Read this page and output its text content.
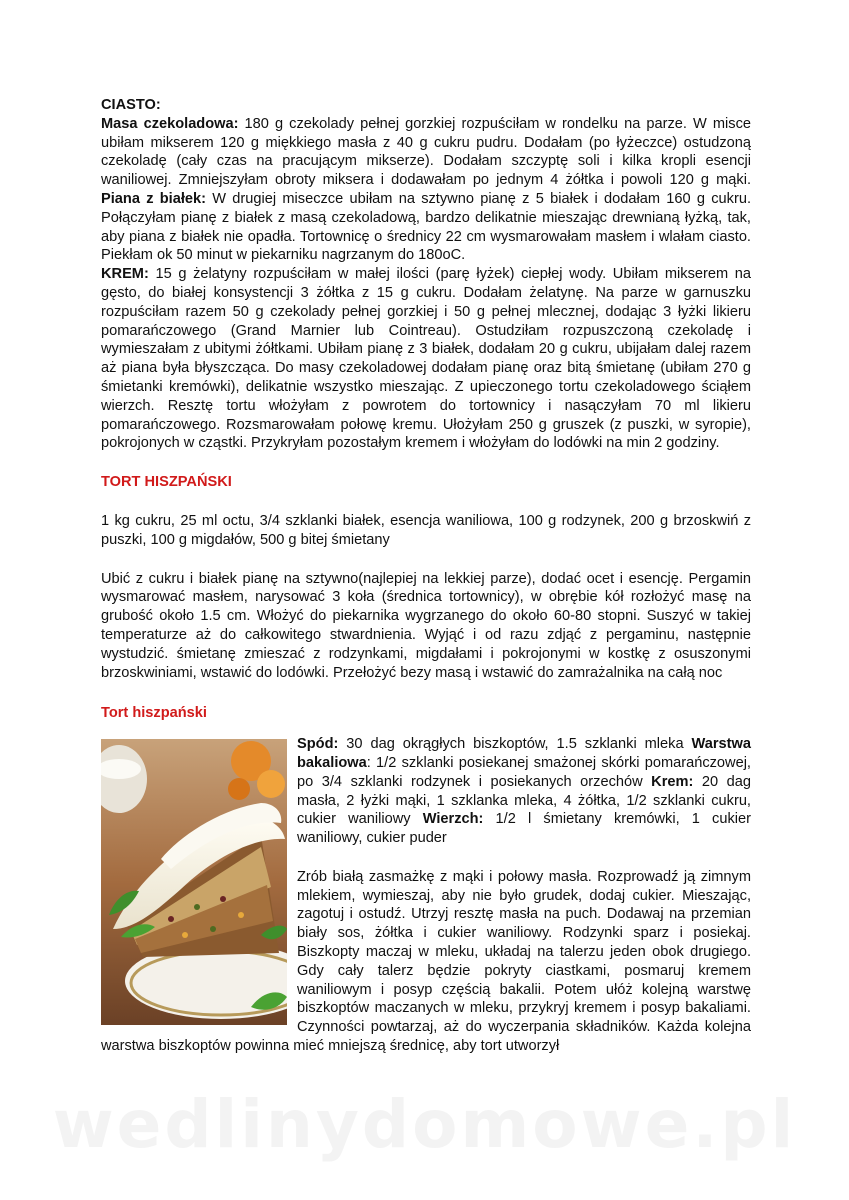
CIASTO:

Masa czekoladowa: 180 g czekolady pełnej gorzkiej rozpuściłam w rondelku na parze. W misce ubiłam mikserem 120 g miękkiego masła z 40 g cukru pudru. Dodałam (po łyżeczce) ostudzoną czekoladę (cały czas na pracującym mikserze). Dodałam szczyptę soli i kilka kropli esencji waniliowej. Zmniejszyłam obroty miksera i dodawałam po jednym 4 żółtka i powoli 120 g mąki. Piana z białek: W drugiej miseczce ubiłam na sztywno pianę z 5 białek i dodałam 160 g cukru. Połączyłam pianę z białek z masą czekoladową, bardzo delikatnie mieszając drewnianą łyżką, tak, aby piana z białek nie opadła. Tortownicę o średnicy 22 cm wysmarowałam masłem i wlałam ciasto. Piekłam ok 50 minut w piekarniku nagrzanym do 180oC.

KREM: 15 g żelatyny rozpuściłam w małej ilości (parę łyżek) ciepłej wody. Ubiłam mikserem na gęsto, do białej konsystencji 3 żółtka z 15 g cukru. Dodałam żelatynę. Na parze w garnuszku rozpuściłam razem 50 g czekolady pełnej gorzkiej i 50 g pełnej mlecznej, dodając 3 łyżki likieru pomarańczowego (Grand Marnier lub Cointreau). Ostudziłam rozpuszczoną czekoladę i wymieszałam z ubitymi żółtkami. Ubiłam pianę z 3 białek, dodałam 20 g cukru, ubijałam dalej razem aż piana była błyszcząca. Do masy czekoladowej dodałam pianę oraz bitą śmietanę (ubiłam 270 g śmietanki kremówki), delikatnie wszystko mieszając. Z upieczonego tortu czekoladowego ściąłem wierzch. Resztę tortu włożyłam z powrotem do tortownicy i nasączyłam 70 ml likieru pomarańczowego. Rozsmarowałam połowę kremu. Ułożyłam 250 g gruszek (z puszki, w syropie), pokrojonych w cząstki. Przykryłam pozostałym kremem i włożyłam do lodówki na min 2 godziny.

TORT HISZPAŃSKI

1 kg cukru, 25 ml octu, 3/4 szklanki białek, esencja waniliowa, 100 g rodzynek, 200 g brzoskwiń z puszki, 100 g migdałów, 500 g bitej śmietany

Ubić z cukru i białek pianę na sztywno(najlepiej na lekkiej parze), dodać ocet i esencję. Pergamin wysmarować masłem, narysować 3 koła (średnica tortownicy), w obrębie kół rozłożyć masę na grubość około 1.5 cm. Włożyć do piekarnika wygrzanego do około 60-80 stopni. Suszyć w takiej temperaturze aż do całkowitego stwardnienia. Wyjąć i od razu zdjąć z pergaminu, następnie wystudzić. śmietanę zmieszać z rodzynkami, migdałami i pokrojonymi w kostkę z osuszonymi brzoskwiniami, wstawić do lodówki. Przełożyć bezy masą i wstawić do zamrażalnika na całą noc

Tort hiszpański

Spód: 30 dag okrągłych biszkoptów, 1.5 szklanki mleka Warstwa bakaliowa: 1/2 szklanki posiekanej smażonej skórki pomarańczowej, po 3/4 szklanki rodzynek i posiekanych orzechów Krem: 20 dag masła, 2 łyżki mąki, 1 szklanka mleka, 4 żółtka, 1/2 szklanki cukru, cukier waniliowy Wierzch: 1/2 l śmietany kremówki, 1 cukier waniliowy, cukier puder

Zrób białą zasmażkę z mąki i połowy masła. Rozprowadź ją zimnym mlekiem, wymieszaj, aby nie było grudek, dodaj cukier. Mieszając, zagotuj i ostudź. Utrzyj resztę masła na puch. Dodawaj na przemian biały sos, żółtka i cukier waniliowy. Rodzynki sparz i posiekaj. Biszkopty maczaj w mleku, układaj na talerzu jeden obok drugiego. Gdy cały talerz będzie pokryty ciastkami, posmaruj kremem waniliowym i posyp częścią bakalii. Potem ułóż kolejną warstwę biszkoptów maczanych w mleku, przykryj kremem i posyp bakaliami. Czynności powtarzaj, aż do wyczerpania składników. Każda kolejna warstwa biszkoptów powinna mieć mniejszą średnicę, aby tort utworzył

wedlinydomowe.pl
